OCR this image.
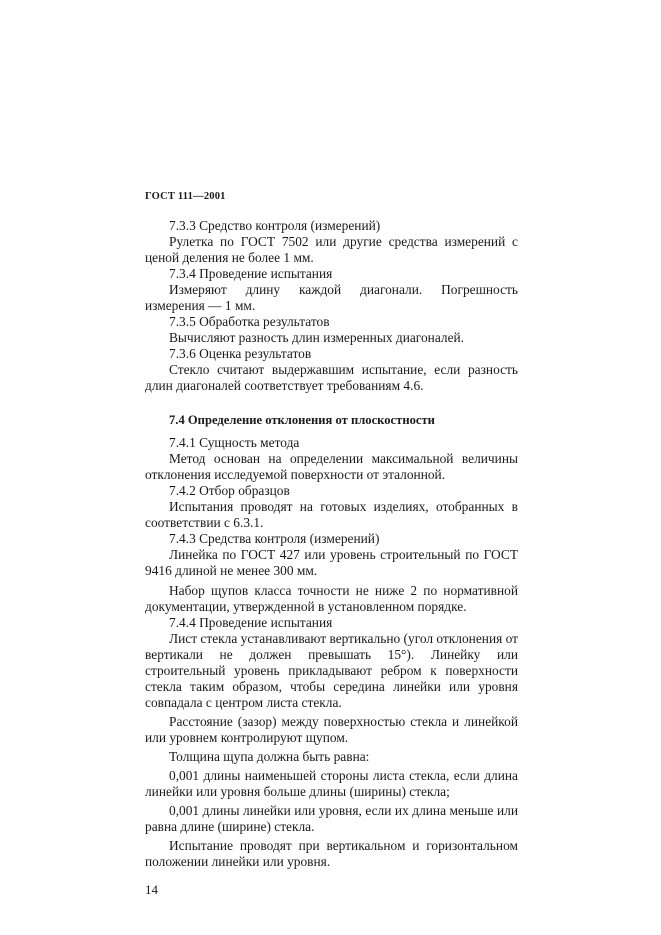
ГОСТ 111—2001

7.3.3 Средство контроля (измерений)

Рулетка по ГОСТ 7502 или другие средства измерений с ценой деления не более 1 мм.

7.3.4 Проведение испытания

Измеряют длину каждой диагонали. Погрешность измерения — 1 мм.

7.3.5 Обработка результатов

Вычисляют разность длин измеренных диагоналей.

7.3.6 Оценка результатов

Стекло считают выдержавшим испытание, если разность длин диагоналей соответствует требованиям 4.6.

7.4 Определение отклонения от плоскостности

7.4.1 Сущность метода

Метод основан на определении максимальной величины отклонения исследуемой поверхности от эталонной.

7.4.2 Отбор образцов

Испытания проводят на готовых изделиях, отобранных в соответствии с 6.3.1.

7.4.3 Средства контроля (измерений)

Линейка по ГОСТ 427 или уровень строительный по ГОСТ 9416 длиной не менее 300 мм.

Набор щупов класса точности не ниже 2 по нормативной документации, утвержденной в установленном порядке.

7.4.4 Проведение испытания

Лист стекла устанавливают вертикально (угол отклонения от вертикали не должен превышать 15°). Линейку или строительный уровень прикладывают ребром к поверхности стекла таким образом, чтобы середина линейки или уровня совпадала с центром листа стекла.

Расстояние (зазор) между поверхностью стекла и линейкой или уровнем контролируют щупом.

Толщина щупа должна быть равна:

0,001 длины наименьшей стороны листа стекла, если длина линейки или уровня больше длины (ширины) стекла;

0,001 длины линейки или уровня, если их длина меньше или равна длине (ширине) стекла.

Испытание проводят при вертикальном и горизонтальном положении линейки или уровня.

14
